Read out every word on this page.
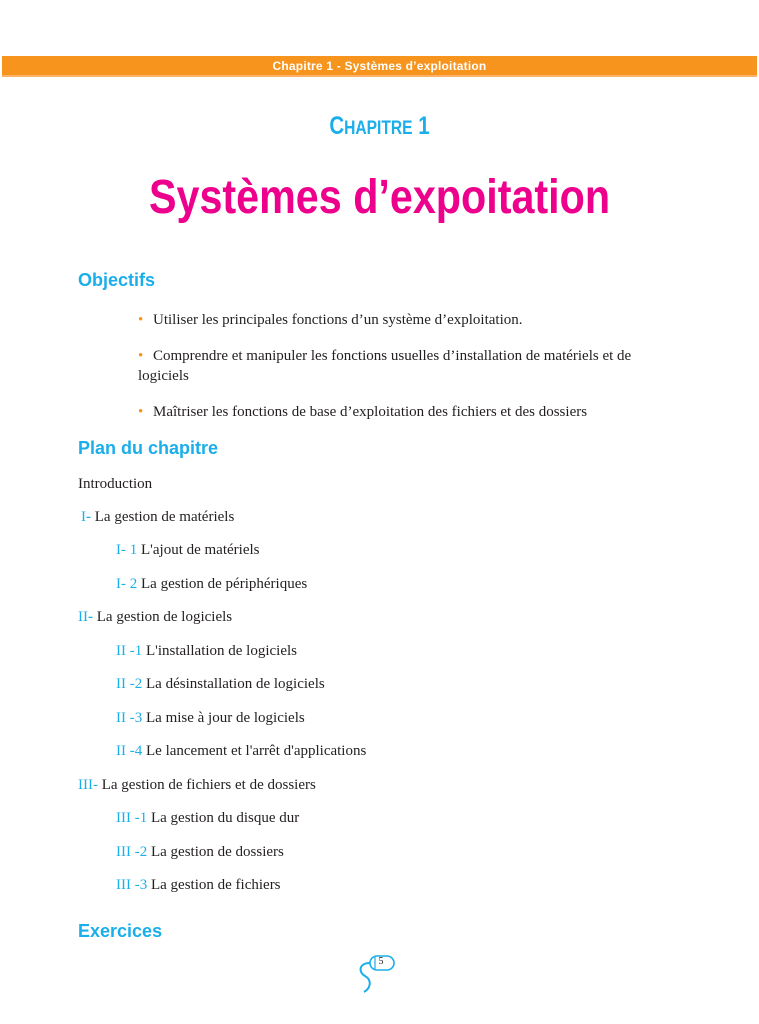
Chapitre 1 - Systèmes d’exploitation
CHAPITRE 1
Systèmes d’expoitation
Objectifs
• Utiliser les principales fonctions d’un système d’exploitation.
• Comprendre et manipuler les fonctions usuelles d’installation de matériels et de logiciels
• Maîtriser les fonctions de base d’exploitation des fichiers et des dossiers
Plan du chapitre
Introduction
I- La gestion de matériels
I- 1 L'ajout de matériels
I- 2 La gestion de périphériques
II- La gestion de logiciels
II -1 L'installation de logiciels
II -2 La désinstallation de logiciels
II -3 La mise à jour de logiciels
II -4 Le lancement et l'arrêt d'applications
III- La gestion de fichiers et de dossiers
III -1 La gestion du disque dur
III -2 La gestion de dossiers
III -3 La gestion de fichiers
Exercices
5
